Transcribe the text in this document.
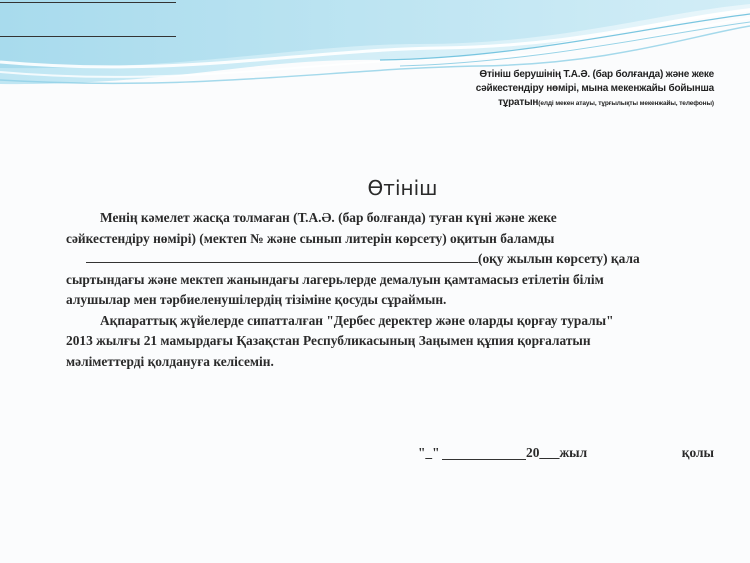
Өтініш берушінің Т.А.Ә. (бар болғанда) және жеке
сәйкестендіру нөмірі, мына мекенжайы бойынша
тұратын(елді мекен атауы, тұрғылықты мекенжайы, телефоны)
Өтініш

Менің кәмелет жасқа толмаған (Т.А.Ә. (бар болғанда) туған күні және жеке

сәйкестендіру нөмірі) (мектеп № және сынып литерін көрсету) оқитын баламды

(оқу жылын көрсету) қала

сыртындағы және мектеп жанындағы лагерьлерде демалуын қамтамасыз етілетін білім

алушылар мен тәрбиеленушілердің тізіміне қосуды сұраймын.

Ақпараттық жүйелерде сипатталған "Дербес деректер және оларды қорғау туралы"

2013 жылғы 21 мамырдағы Қазақстан Республикасының Заңымен құпия қорғалатын

мәліметтерді қолдануға келісемін.

"_"	20___жыл	қолы
